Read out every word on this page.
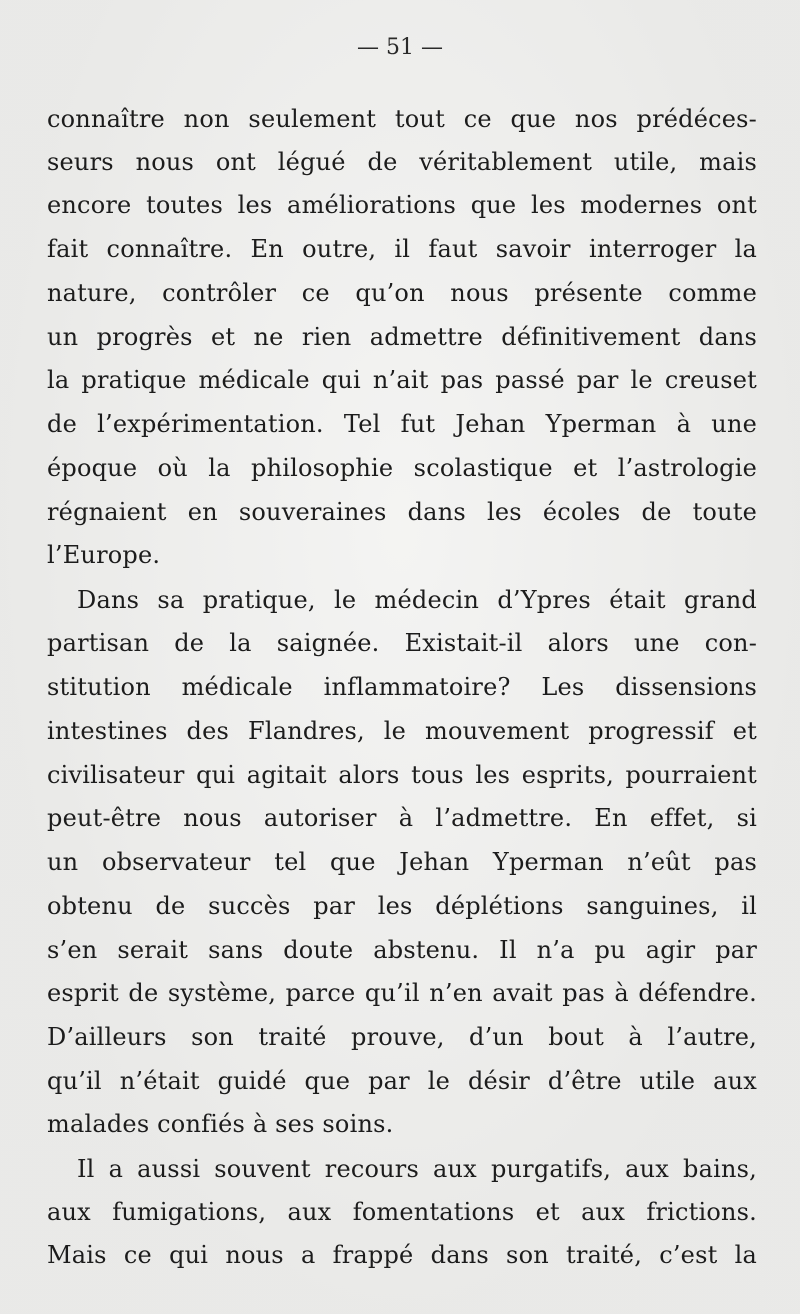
— 51 —
connaître non seulement tout ce que nos prédéces-
seurs nous ont légué de véritablement utile, mais
encore toutes les améliorations que les modernes ont
fait connaître. En outre, il faut savoir interroger la
nature, contrôler ce qu’on nous présente comme
un progrès et ne rien admettre définitivement dans
la pratique médicale qui n’ait pas passé par le creuset
de l’expérimentation. Tel fut Jehan Yperman à une
époque où la philosophie scolastique et l’astrologie
régnaient en souveraines dans les écoles de toute
l’Europe.
Dans sa pratique, le médecin d’Ypres était grand
partisan de la saignée. Existait-il alors une con-
stitution médicale inflammatoire? Les dissensions
intestines des Flandres, le mouvement progressif et
civilisateur qui agitait alors tous les esprits, pourraient
peut-être nous autoriser à l’admettre. En effet, si
un observateur tel que Jehan Yperman n’eût pas
obtenu de succès par les déplétions sanguines, il
s’en serait sans doute abstenu. Il n’a pu agir par
esprit de système, parce qu’il n’en avait pas à défendre.
D’ailleurs son traité prouve, d’un bout à l’autre,
qu’il n’était guidé que par le désir d’être utile aux
malades confiés à ses soins.
Il a aussi souvent recours aux purgatifs, aux bains,
aux fumigations, aux fomentations et aux frictions.
Mais ce qui nous a frappé dans son traité, c’est la
